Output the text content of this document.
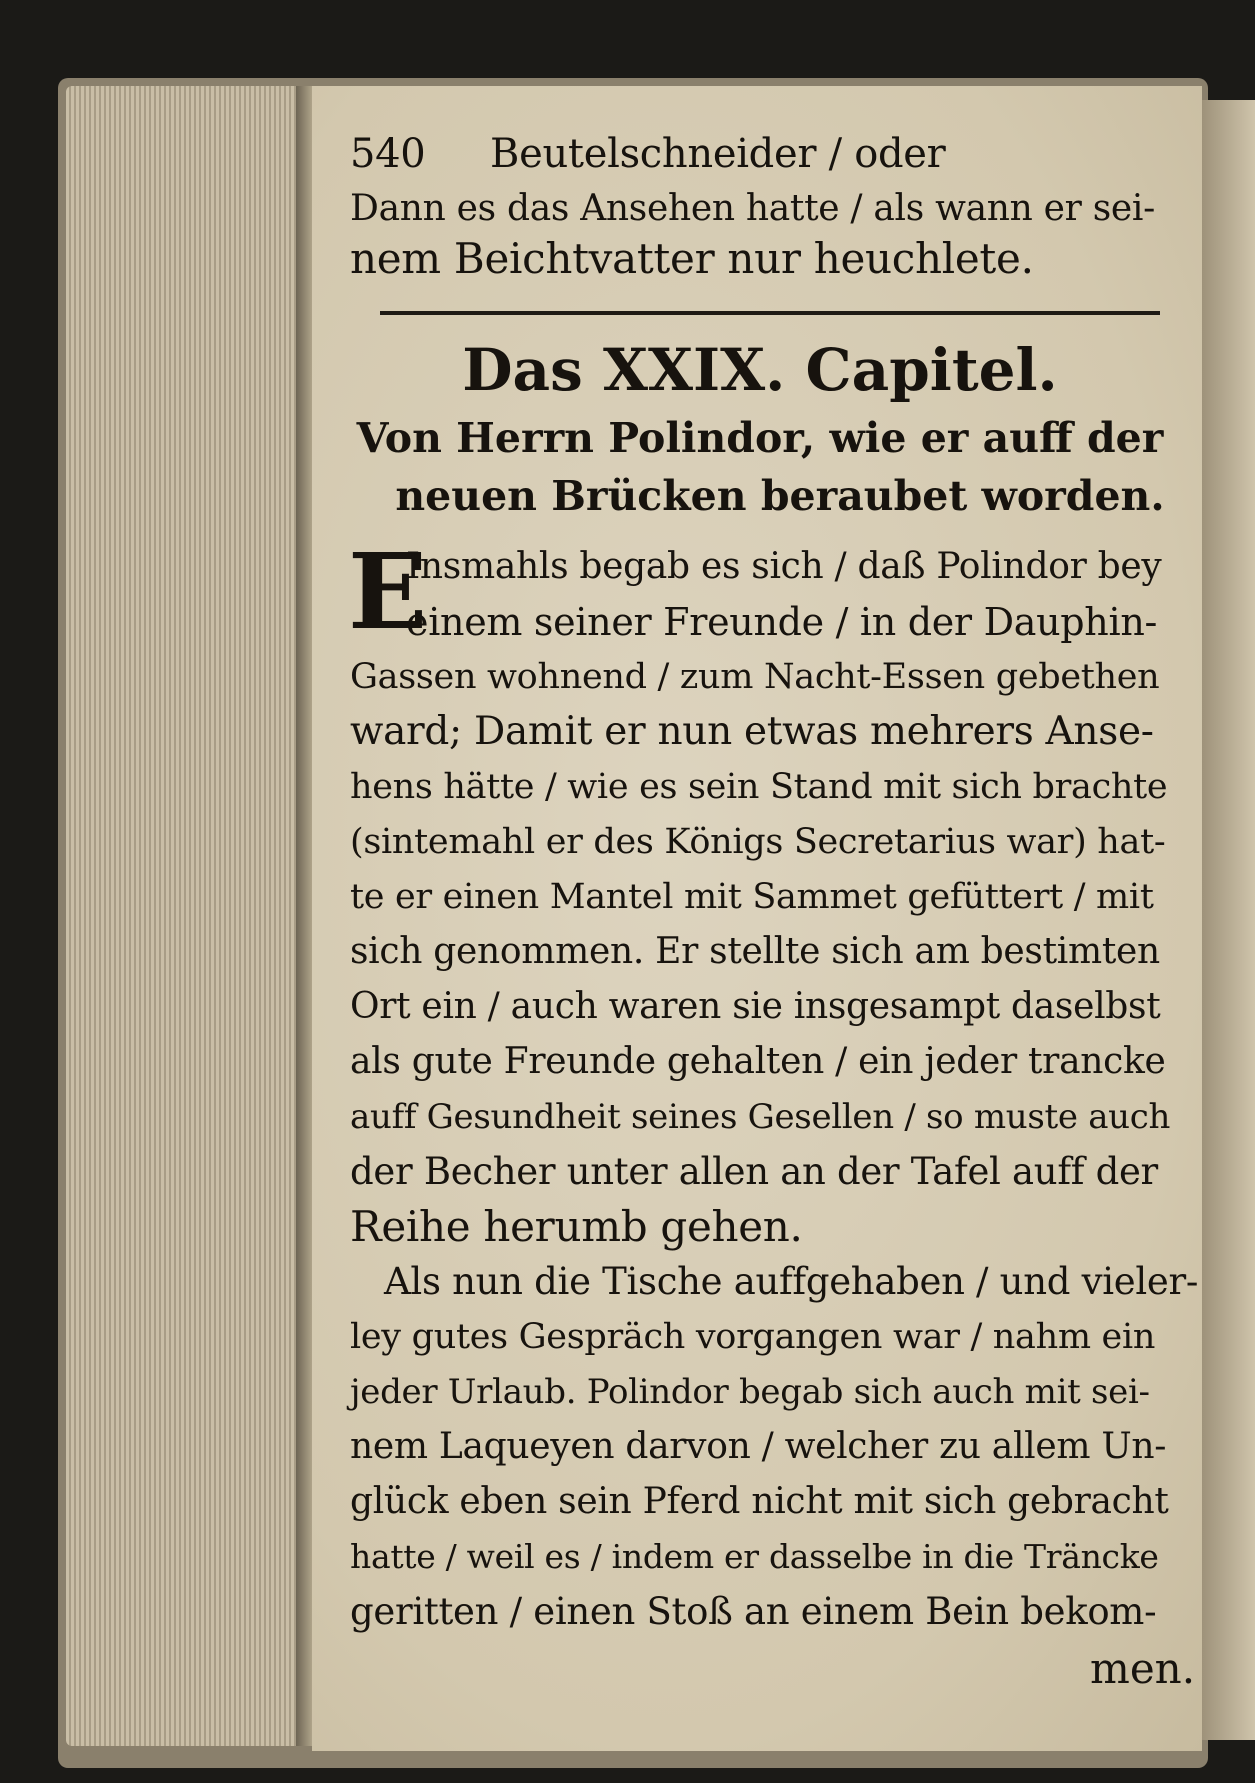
540 Beutelschneider / oder
Dann es das Ansehen hatte / als wann er sei-
nem Beichtvatter nur heuchlete.
Das XXIX. Capitel.
Von Herrn Polindor, wie er auff der
neuen Brücken beraubet worden.
E
Insmahls begab es sich / daß Polindor bey
einem seiner Freunde / in der Dauphin-
Gassen wohnend / zum Nacht-Essen gebethen
ward; Damit er nun etwas mehrers Anse-
hens hätte / wie es sein Stand mit sich brachte
(sintemahl er des Königs Secretarius war) hat-
te er einen Mantel mit Sammet gefüttert / mit
sich genommen. Er stellte sich am bestimten
Ort ein / auch waren sie insgesampt daselbst
als gute Freunde gehalten / ein jeder trancke
auff Gesundheit seines Gesellen / so muste auch
der Becher unter allen an der Tafel auff der
Reihe herumb gehen.
Als nun die Tische auffgehaben / und vieler-
ley gutes Gespräch vorgangen war / nahm ein
jeder Urlaub. Polindor begab sich auch mit sei-
nem Laqueyen darvon / welcher zu allem Un-
glück eben sein Pferd nicht mit sich gebracht
hatte / weil es / indem er dasselbe in die Träncke
geritten / einen Stoß an einem Bein bekom-
men.
